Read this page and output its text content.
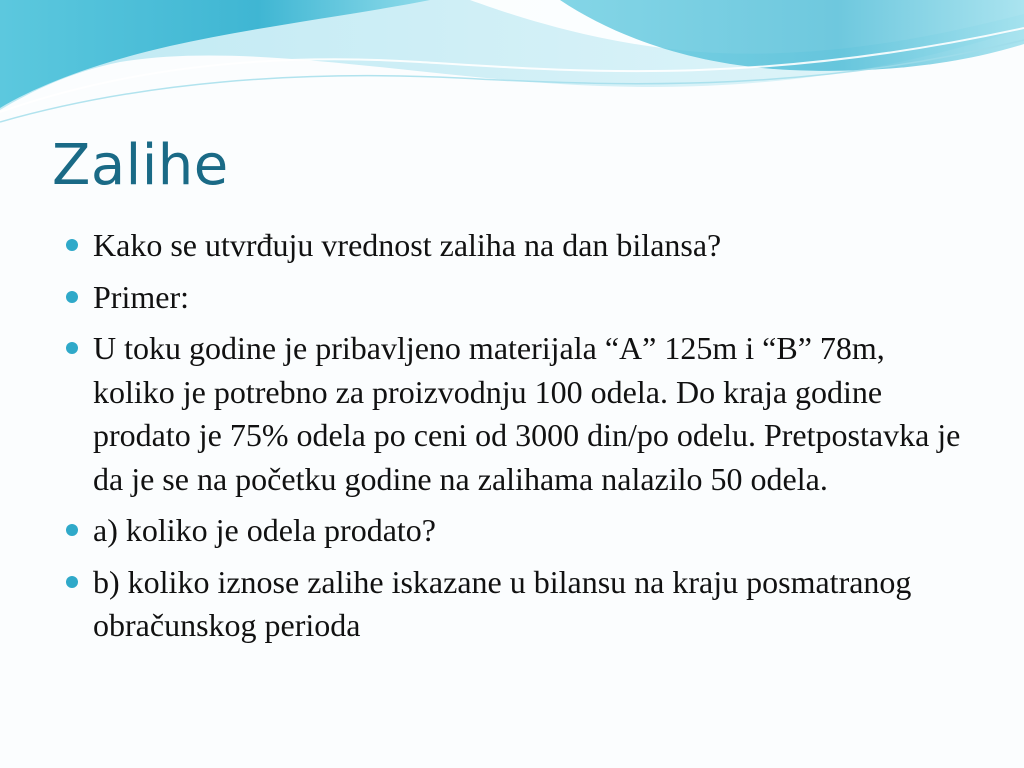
Zalihe
Kako se utvrđuju vrednost zaliha na dan bilansa?
Primer:
U toku godine je pribavljeno materijala “A” 125m i “B” 78m, koliko je potrebno za proizvodnju 100 odela. Do kraja godine prodato je 75% odela po ceni od 3000 din/po odelu. Pretpostavka je da je se na početku godine na zalihama nalazilo 50 odela.
a) koliko je odela prodato?
b) koliko iznose zalihe iskazane u bilansu na kraju posmatranog obračunskog perioda
